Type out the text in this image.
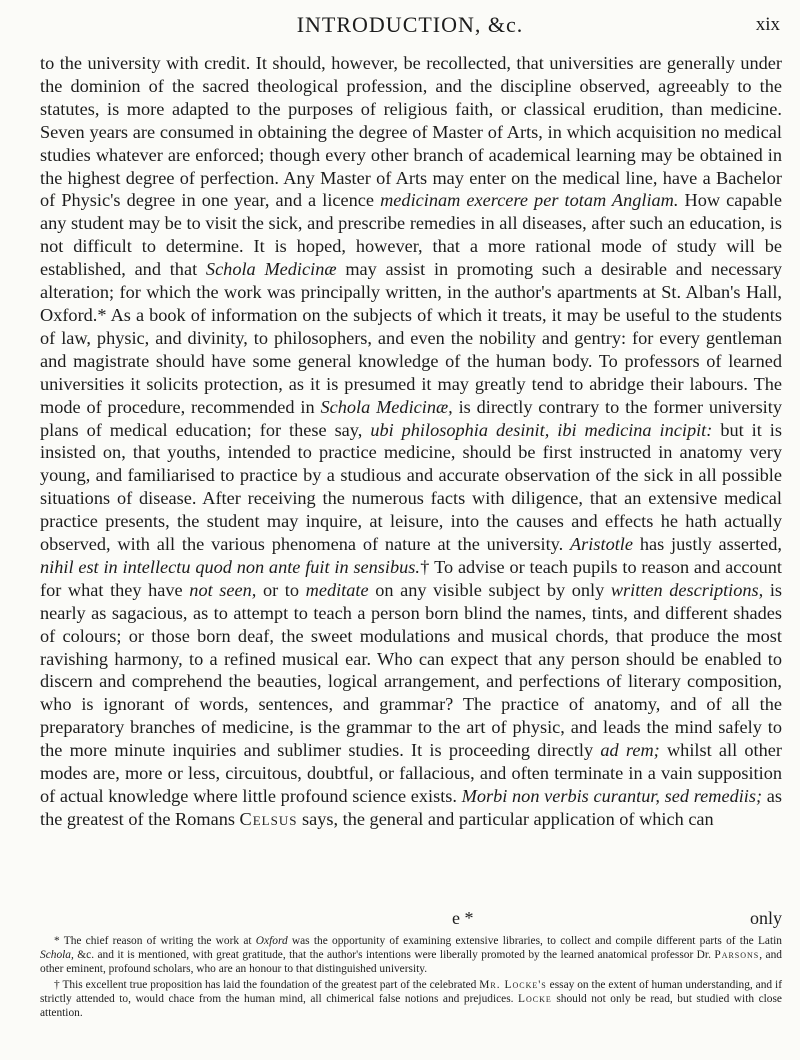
INTRODUCTION, &c.	xix

to the university with credit. It should, however, be recollected, that universities are generally under the dominion of the sacred theological profession, and the discipline observed, agreeably to the statutes, is more adapted to the purposes of religious faith, or classical erudition, than medicine. Seven years are consumed in obtaining the degree of Master of Arts, in which acquisition no medical studies whatever are enforced; though every other branch of academical learning may be obtained in the highest degree of perfection. Any Master of Arts may enter on the medical line, have a Bachelor of Physic's degree in one year, and a licence medicinam exercere per totam Angliam. How capable any student may be to visit the sick, and prescribe remedies in all diseases, after such an education, is not difficult to determine. It is hoped, however, that a more rational mode of study will be established, and that Schola Medicinæ may assist in promoting such a desirable and necessary alteration; for which the work was principally written, in the author's apartments at St. Alban's Hall, Oxford.* As a book of information on the subjects of which it treats, it may be useful to the students of law, physic, and divinity, to philosophers, and even the nobility and gentry: for every gentleman and magistrate should have some general knowledge of the human body. To professors of learned universities it solicits protection, as it is presumed it may greatly tend to abridge their labours. The mode of procedure, recommended in Schola Medicinæ, is directly contrary to the former university plans of medical education; for these say, ubi philosophia desinit, ibi medicina incipit: but it is insisted on, that youths, intended to practice medicine, should be first instructed in anatomy very young, and familiarised to practice by a studious and accurate observation of the sick in all possible situations of disease. After receiving the numerous facts with diligence, that an extensive medical practice presents, the student may inquire, at leisure, into the causes and effects he hath actually observed, with all the various phenomena of nature at the university. Aristotle has justly asserted, nihil est in intellectu quod non ante fuit in sensibus.† To advise or teach pupils to reason and account for what they have not seen, or to meditate on any visible subject by only written descriptions, is nearly as sagacious, as to attempt to teach a person born blind the names, tints, and different shades of colours; or those born deaf, the sweet modulations and musical chords, that produce the most ravishing harmony, to a refined musical ear. Who can expect that any person should be enabled to discern and comprehend the beauties, logical arrangement, and perfections of literary composition, who is ignorant of words, sentences, and grammar? The practice of anatomy, and of all the preparatory branches of medicine, is the grammar to the art of physic, and leads the mind safely to the more minute inquiries and sublimer studies. It is proceeding directly ad rem; whilst all other modes are, more or less, circuitous, doubtful, or fallacious, and often terminate in a vain supposition of actual knowledge where little profound science exists. Morbi non verbis curantur, sed remediis; as the greatest of the Romans Celsus says, the general and particular application of which can

e *	only

* The chief reason of writing the work at Oxford was the opportunity of examining extensive libraries, to collect and compile different parts of the Latin Schola, &c. and it is mentioned, with great gratitude, that the author's intentions were liberally promoted by the learned anatomical professor Dr. Parsons, and other eminent, profound scholars, who are an honour to that distinguished university.

† This excellent true proposition has laid the foundation of the greatest part of the celebrated Mr. Locke's essay on the extent of human understanding, and if strictly attended to, would chace from the human mind, all chimerical false notions and prejudices. Locke should not only be read, but studied with close attention.
